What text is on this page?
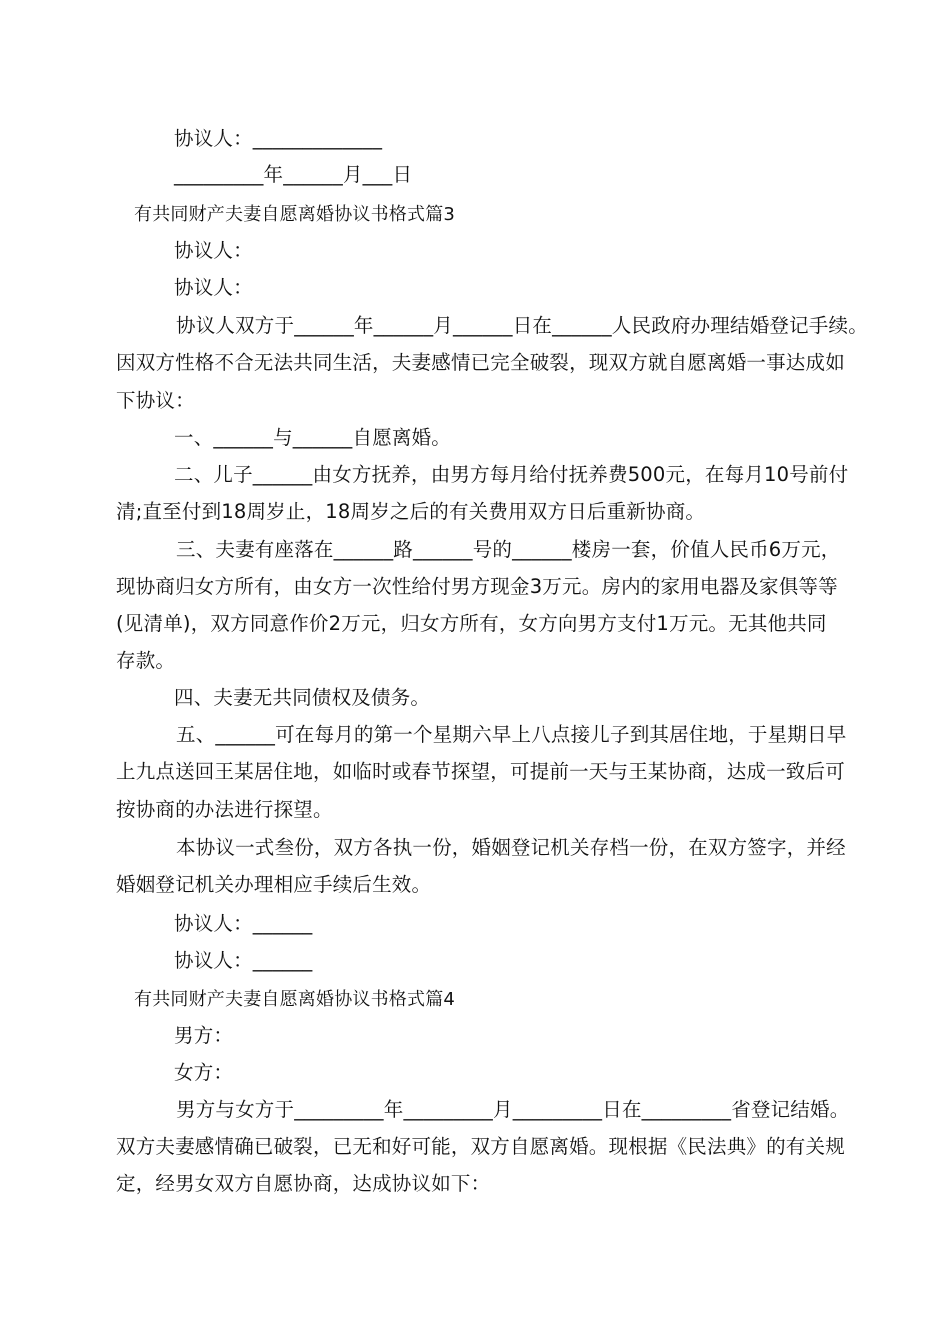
协议人：_____________
_________年______月___日
有共同财产夫妻自愿离婚协议书格式篇3
协议人：
协议人：
协议人双方于______年______月______日在______人民政府办理结婚登记手续。
因双方性格不合无法共同生活，夫妻感情已完全破裂，现双方就自愿离婚一事达成如
下协议：
一、______与______自愿离婚。
二、儿子______由女方抚养，由男方每月给付抚养费500元，在每月10号前付
清;直至付到18周岁止，18周岁之后的有关费用双方日后重新协商。
三、夫妻有座落在______路______号的______楼房一套，价值人民币6万元，
现协商归女方所有，由女方一次性给付男方现金3万元。房内的家用电器及家俱等等
(见清单)，双方同意作价2万元，归女方所有，女方向男方支付1万元。无其他共同
存款。
四、夫妻无共同债权及债务。
五、______可在每月的第一个星期六早上八点接儿子到其居住地，于星期日早
上九点送回王某居住地，如临时或春节探望，可提前一天与王某协商，达成一致后可
按协商的办法进行探望。
本协议一式叁份，双方各执一份，婚姻登记机关存档一份，在双方签字，并经
婚姻登记机关办理相应手续后生效。
协议人：______
协议人：______
有共同财产夫妻自愿离婚协议书格式篇4
男方：
女方：
男方与女方于_________年_________月_________日在_________省登记结婚。
双方夫妻感情确已破裂，已无和好可能，双方自愿离婚。现根据《民法典》的有关规
定，经男女双方自愿协商，达成协议如下：
